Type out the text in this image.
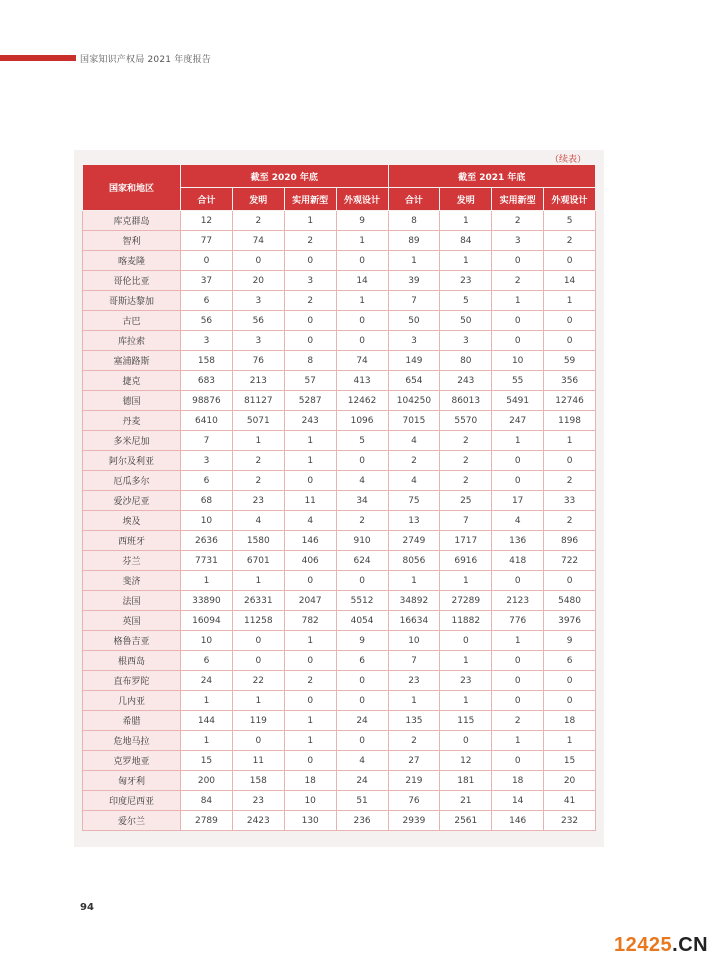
国家知识产权局 2021 年度报告
（续表）
国家和地区	截至 2020 年底				截至 2021 年底			
	合计	发明	实用新型	外观设计	合计	发明	实用新型	外观设计
库克群岛	12	2	1	9	8	1	2	5
智利	77	74	2	1	89	84	3	2
喀麦隆	0	0	0	0	1	1	0	0
哥伦比亚	37	20	3	14	39	23	2	14
哥斯达黎加	6	3	2	1	7	5	1	1
古巴	56	56	0	0	50	50	0	0
库拉索	3	3	0	0	3	3	0	0
塞浦路斯	158	76	8	74	149	80	10	59
捷克	683	213	57	413	654	243	55	356
德国	98876	81127	5287	12462	104250	86013	5491	12746
丹麦	6410	5071	243	1096	7015	5570	247	1198
多米尼加	7	1	1	5	4	2	1	1
阿尔及利亚	3	2	1	0	2	2	0	0
厄瓜多尔	6	2	0	4	4	2	0	2
爱沙尼亚	68	23	11	34	75	25	17	33
埃及	10	4	4	2	13	7	4	2
西班牙	2636	1580	146	910	2749	1717	136	896
芬兰	7731	6701	406	624	8056	6916	418	722
斐济	1	1	0	0	1	1	0	0
法国	33890	26331	2047	5512	34892	27289	2123	5480
英国	16094	11258	782	4054	16634	11882	776	3976
格鲁吉亚	10	0	1	9	10	0	1	9
根西岛	6	0	0	6	7	1	0	6
直布罗陀	24	22	2	0	23	23	0	0
几内亚	1	1	0	0	1	1	0	0
希腊	144	119	1	24	135	115	2	18
危地马拉	1	0	1	0	2	0	1	1
克罗地亚	15	11	0	4	27	12	0	15
匈牙利	200	158	18	24	219	181	18	20
印度尼西亚	84	23	10	51	76	21	14	41
爱尔兰	2789	2423	130	236	2939	2561	146	232
94
12425.CN
